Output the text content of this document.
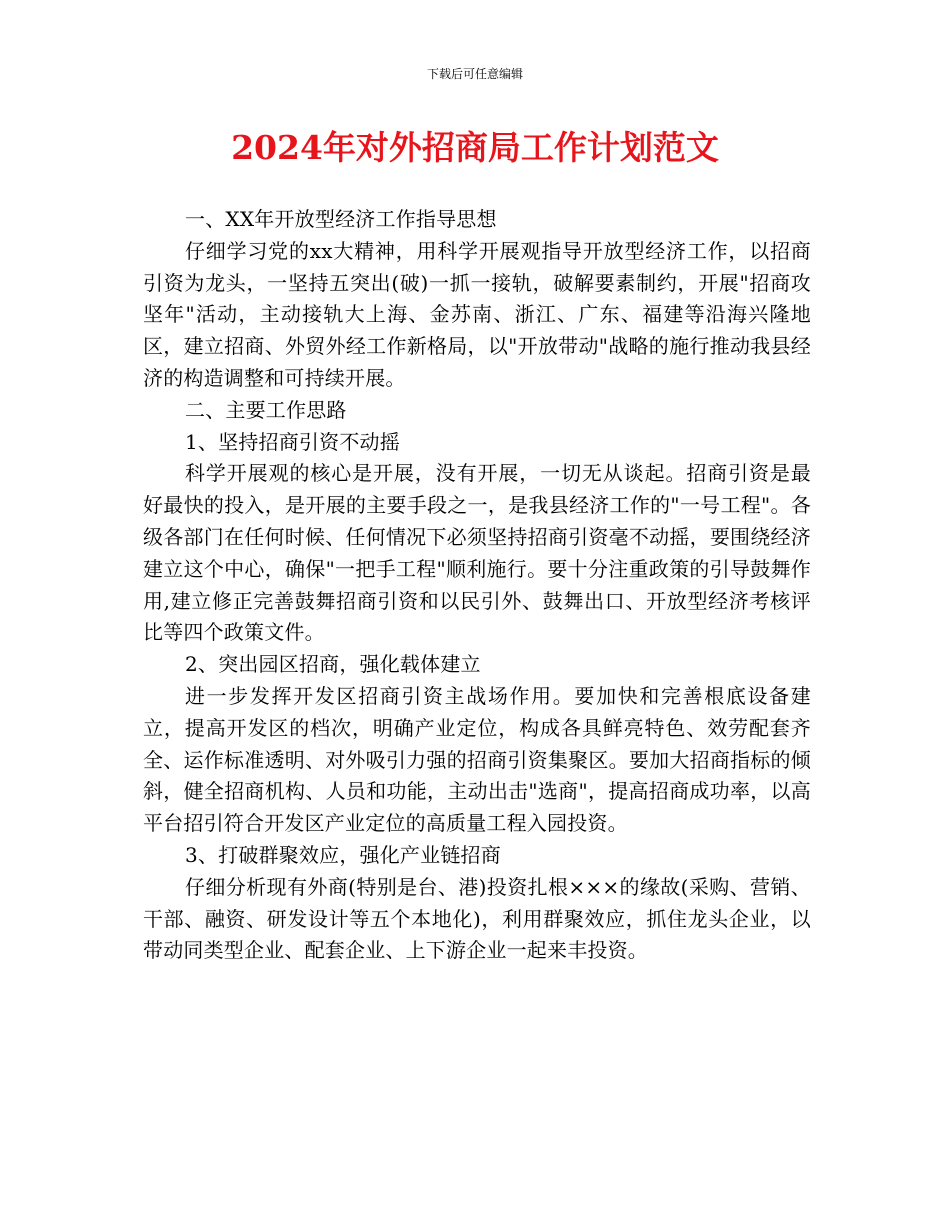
下载后可任意编辑
2024年对外招商局工作计划范文

一、XX年开放型经济工作指导思想

仔细学习党的xx大精神，用科学开展观指导开放型经济工作，以招商引资为龙头，一坚持五突出(破)一抓一接轨，破解要素制约，开展"招商攻坚年"活动，主动接轨大上海、金苏南、浙江、广东、福建等沿海兴隆地区，建立招商、外贸外经工作新格局，以"开放带动"战略的施行推动我县经济的构造调整和可持续开展。

二、主要工作思路

1、坚持招商引资不动摇

科学开展观的核心是开展，没有开展，一切无从谈起。招商引资是最好最快的投入，是开展的主要手段之一，是我县经济工作的"一号工程"。各级各部门在任何时候、任何情况下必须坚持招商引资毫不动摇，要围绕经济建立这个中心，确保"一把手工程"顺利施行。要十分注重政策的引导鼓舞作用,建立修正完善鼓舞招商引资和以民引外、鼓舞出口、开放型经济考核评比等四个政策文件。

2、突出园区招商，强化载体建立

进一步发挥开发区招商引资主战场作用。要加快和完善根底设备建立，提高开发区的档次，明确产业定位，构成各具鲜亮特色、效劳配套齐全、运作标准透明、对外吸引力强的招商引资集聚区。要加大招商指标的倾斜，健全招商机构、人员和功能，主动出击"选商"，提高招商成功率，以高平台招引符合开发区产业定位的高质量工程入园投资。

3、打破群聚效应，强化产业链招商

仔细分析现有外商(特别是台、港)投资扎根×××的缘故(采购、营销、干部、融资、研发设计等五个本地化)，利用群聚效应，抓住龙头企业，以带动同类型企业、配套企业、上下游企业一起来丰投资。
